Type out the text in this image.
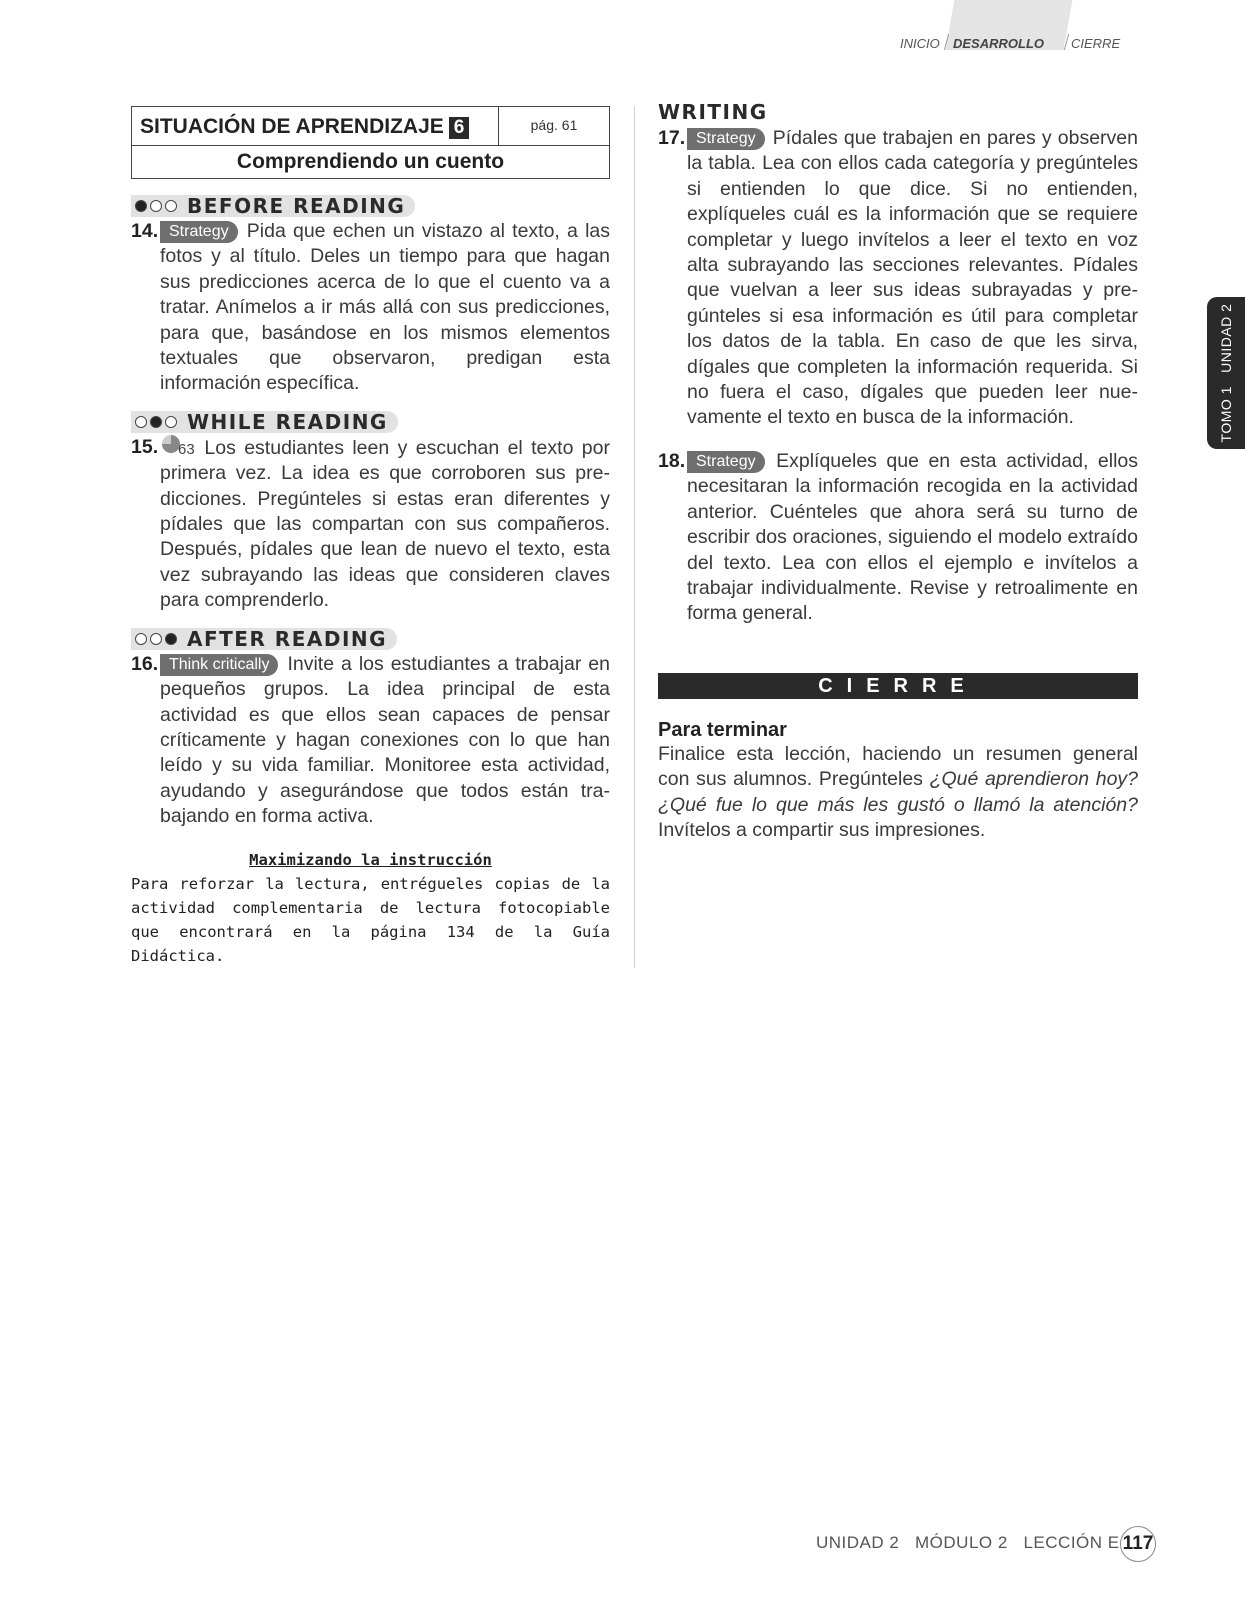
INICIO DESARROLLO CIERRE
SITUACIÓN DE APRENDIZAJE 6	pág. 61
Comprendiendo un cuento
BEFORE READING
14. Strategy Pida que echen un vistazo al texto, a las fotos y al título. Deles un tiempo para que hagan sus predicciones acerca de lo que el cuento va a tratar. Anímelos a ir más allá con sus predicciones, para que, basándose en los mismos elementos textuales que observaron, predigan esta información específica.
WHILE READING
15. 63 Los estudiantes leen y escuchan el texto por primera vez. La idea es que corroboren sus predicciones. Pregúnteles si estas eran diferentes y pídales que las compartan con sus compañeros. Después, pídales que lean de nuevo el texto, esta vez subrayando las ideas que consideren claves para comprenderlo.
AFTER READING
16. Think critically Invite a los estudiantes a trabajar en pequeños grupos. La idea principal de esta actividad es que ellos sean capaces de pensar críticamente y hagan conexiones con lo que han leído y su vida familiar. Monitoree esta actividad, ayudando y asegurándose que todos están trabajando en forma activa.
Maximizando la instrucción
Para reforzar la lectura, entrégueles copias de la actividad complementaria de lectura fotocopiable que encontrará en la página 134 de la Guía Didáctica.
WRITING
17. Strategy Pídales que trabajen en pares y observen la tabla. Lea con ellos cada categoría y pregúnteles si entienden lo que dice. Si no entienden, explíqueles cuál es la información que se requiere completar y luego invítelos a leer el texto en voz alta subrayando las secciones relevantes. Pídales que vuelvan a leer sus ideas subrayadas y pregúnteles si esa información es útil para completar los datos de la tabla. En caso de que les sirva, dígales que completen la información requerida. Si no fuera el caso, dígales que pueden leer nuevamente el texto en busca de la información.
18. Strategy Explíqueles que en esta actividad, ellos necesitaran la información recogida en la actividad anterior. Cuénteles que ahora será su turno de escribir dos oraciones, siguiendo el modelo extraído del texto. Lea con ellos el ejemplo e invítelos a trabajar individualmente. Revise y retroalimente en forma general.
CIERRE
Para terminar
Finalice esta lección, haciendo un resumen general con sus alumnos. Pregúnteles ¿Qué aprendieron hoy? ¿Qué fue lo que más les gustó o llamó la atención? Invítelos a compartir sus impresiones.
TOMO 1   UNIDAD 2
UNIDAD 2   MÓDULO 2   LECCIÓN E 117
